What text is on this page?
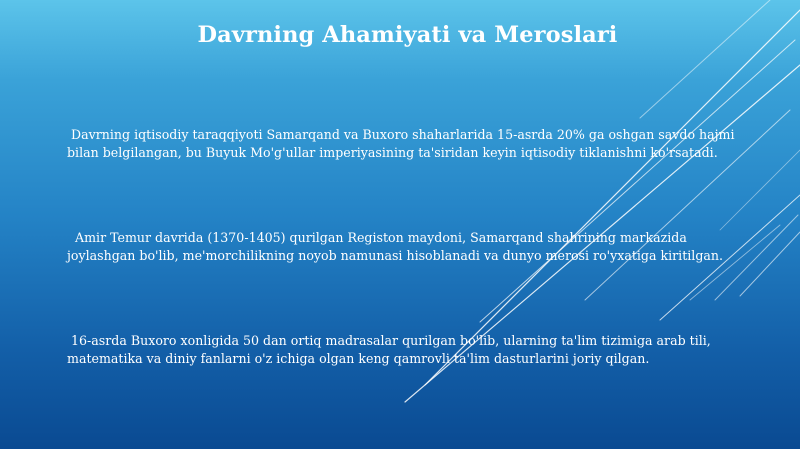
Davrning Ahamiyati va Meroslari

Davrning iqtisodiy taraqqiyoti Samarqand va Buxoro shaharlarida 15-asrda 20% ga oshgan savdo hajmi bilan belgilangan, bu Buyuk Mo'g'ullar imperiyasining ta'siridan keyin iqtisodiy tiklanishni ko'rsatadi.

Amir Temur davrida (1370-1405) qurilgan Registon maydoni, Samarqand shahrining markazida joylashgan bo'lib, me'morchilikning noyob namunasi hisoblanadi va dunyo merosi ro'yxatiga kiritilgan.

16-asrda Buxoro xonligida 50 dan ortiq madrasalar qurilgan bo'lib, ularning ta'lim tizimiga arab tili, matematika va diniy fanlarni o'z ichiga olgan keng qamrovli ta'lim dasturlarini joriy qilgan.
